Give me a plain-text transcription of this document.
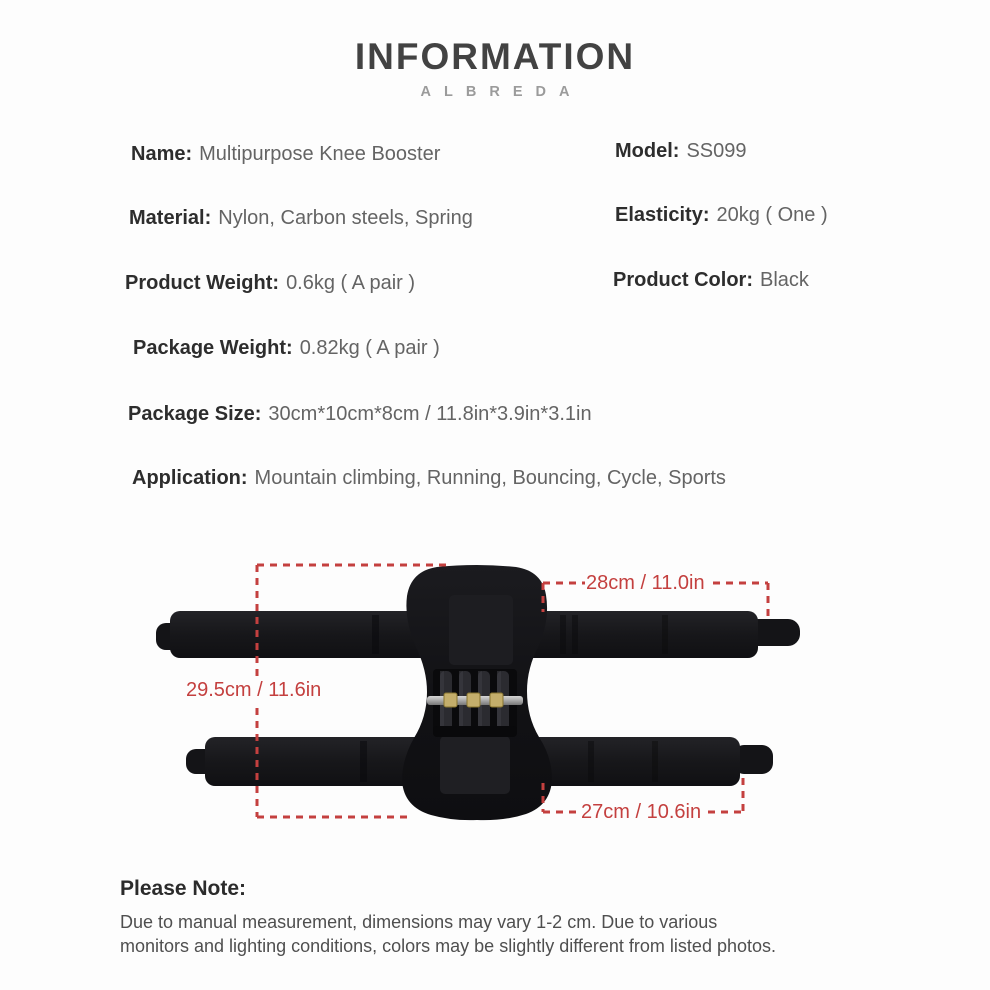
INFORMATION
ALBREDA
Name: Multipurpose Knee Booster
Material: Nylon, Carbon steels, Spring
Product Weight: 0.6kg ( A pair )
Package Weight: 0.82kg ( A pair )
Package Size: 30cm*10cm*8cm / 11.8in*3.9in*3.1in
Application: Mountain climbing, Running, Bouncing, Cycle, Sports
Model: SS099
Elasticity: 20kg ( One )
Product Color: Black
28cm / 11.0in
29.5cm / 11.6in
27cm / 10.6in
Please Note:
Due to manual measurement, dimensions may vary 1-2 cm. Due to various
monitors and lighting conditions, colors may be slightly different from listed photos.
